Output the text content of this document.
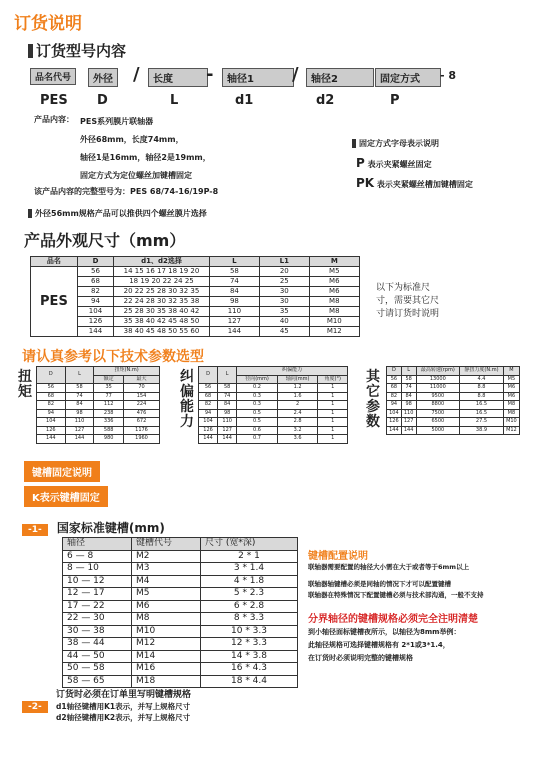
订货说明
订货型号内容
品名代号	外径 /	长度	-	轴径1	/	轴径2	固定方式	- 8
PES D	L	d1	d2	P
产品内容： PES系列膜片联轴器
外径68mm，长度74mm，
轴径1是16mm，轴径2是19mm，
固定方式为定位螺丝加键槽固定
该产品内容的完整型号为：PES 68/74-16/19P-8
固定方式字母表示说明
P 表示夹紧螺丝固定
PK 表示夹紧螺丝槽加键槽固定
外径56mm规格产品可以推供四个螺丝膜片选择
产品外观尺寸（mm）
品名	D	d1、d2选择	L	L1	M
PES	56	14 15 16 17 18 19 20	58	20	M5
	68	18 19 20 22 24 25	74	25	M6
	82	20 22 25 28 30 32 35	84	30	M6
	94	22 24 28 30 32 35 38	98	30	M8
	104	25 28 30 35 38 40 42	110	35	M8
	126	35 38 40 42 45 48 50	127	40	M10
	144	38 40 45 48 50 55 60	144	45	M12
以下为标准尺寸，需要其它尺寸请订货时说明
请认真参考以下技术参数选型
扭矩
D	L	扭矩(N.m)	
		额定	最大
56	58	35	70
68	74	77	154
82	84	112	224
94	98	238	476
104	110	336	672
126	127	588	1176
144	144	980	1960
纠偏能力
D	L	纠偏能力		
		径向(mm)	轴向(mm)	角度(°)
56	58	0.2	1.2	1
68	74	0.3	1.6	1
82	84	0.3	2	1
94	98	0.5	2.4	1
104	110	0.5	2.8	1
126	127	0.6	3.2	1
144	144	0.7	3.6	1
其它参数
D	L	最高转速(rpm)	静扭力度(N.m)	M
56	58	13000	4.4	M5
68	74	11000	8.8	M6
82	84	9500	8.8	M6
94	98	8800	16.5	M8
104	110	7500	16.5	M8
126	127	6500	27.5	M10
144	144	5000	38.9	M12
键槽固定说明
K表示键槽固定
-1- 国家标准键槽(mm)
轴径	键槽代号	尺寸 (宽*深)
6 — 8	M2	2 * 1
8 — 10	M3	3 * 1.4
10 — 12	M4	4 * 1.8
12 — 17	M5	5 * 2.3
17 — 22	M6	6 * 2.8
22 — 30	M8	8 * 3.3
30 — 38	M10	10 * 3.3
38 — 44	M12	12 * 3.3
44 — 50	M14	14 * 3.8
50 — 58	M16	16 * 4.3
58 — 65	M18	18 * 4.4
键槽配置说明
联轴器需要配置的轴径大小需在大于或者等于6mm以上
联轴器轴键槽必须是同轴的情况下才可以配置键槽
联轴器在特殊情况下配置键槽必须与技术部沟通，一般不支持
分界轴径的键槽规格必须完全注明清楚
到小轴径面标键槽夜所示，以轴径为8mm举例：
此轴径规格可选择键槽规格有 2*1或3*1.4，
在订货时必须说明完整的键槽规格
-2-
订货时必须在订单里写明键槽规格
d1轴径键槽用K1表示，并写上规格尺寸
d2轴径键槽用K2表示，并写上规格尺寸
